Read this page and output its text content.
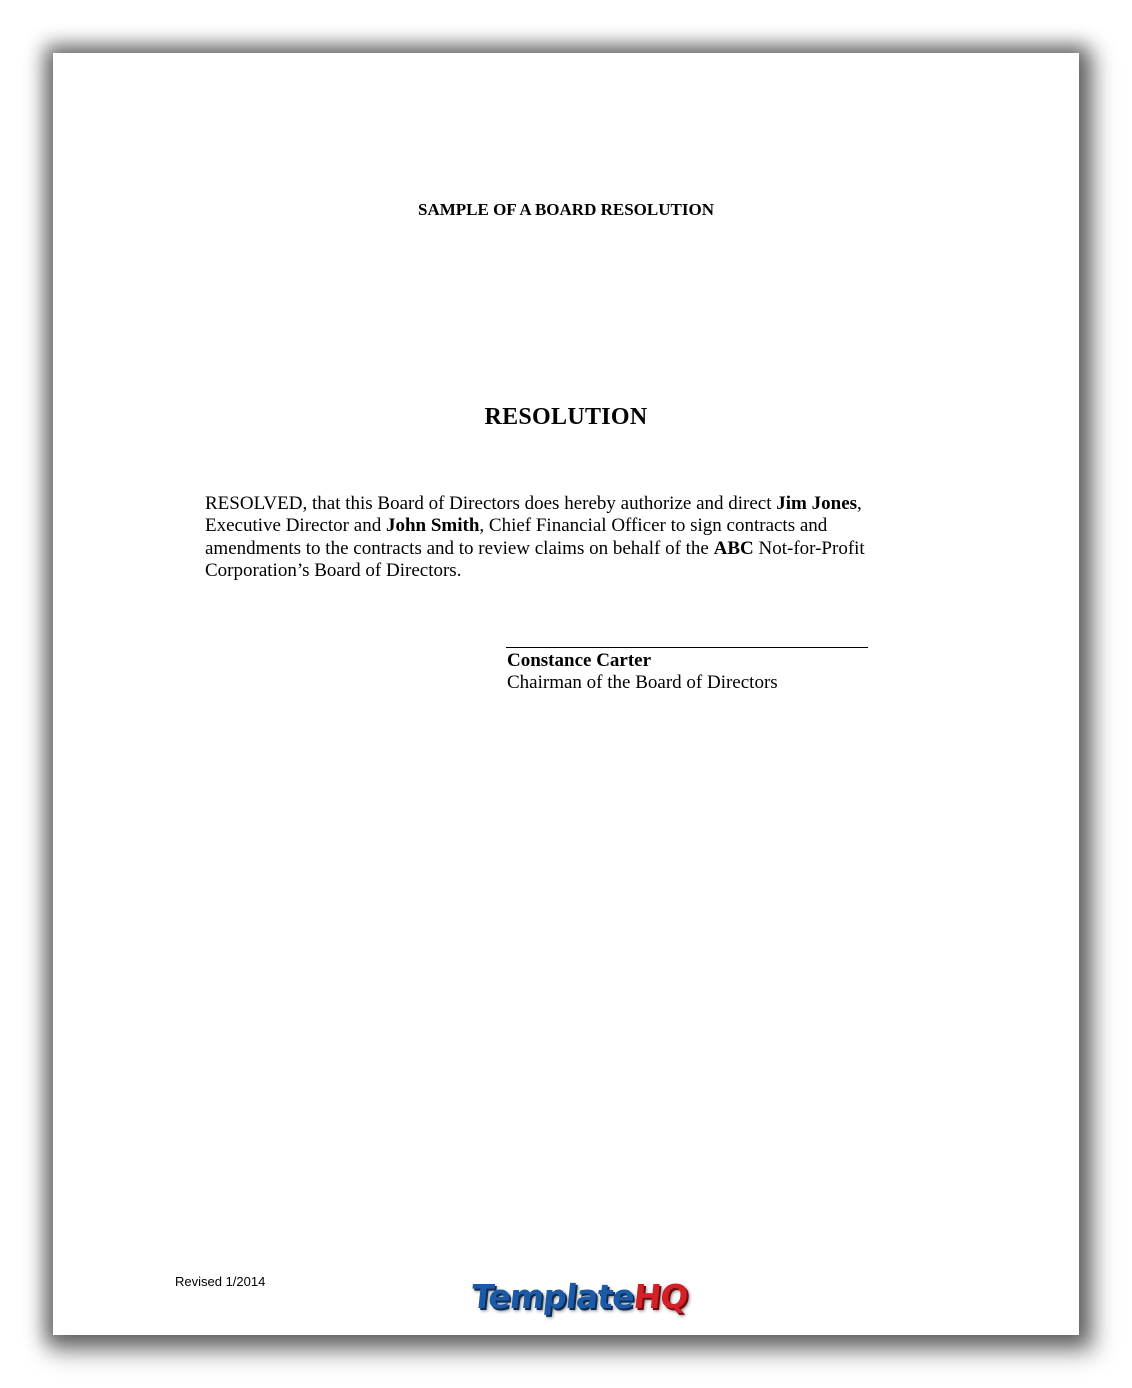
SAMPLE OF A BOARD RESOLUTION
RESOLUTION

RESOLVED, that this Board of Directors does hereby authorize and direct Jim Jones, Executive Director and John Smith, Chief Financial Officer to sign contracts and amendments to the contracts and to review claims on behalf of the ABC Not-for-Profit Corporation’s Board of Directors.

Constance Carter
Chairman of the Board of Directors
Revised 1/2014	TemplateHQ
